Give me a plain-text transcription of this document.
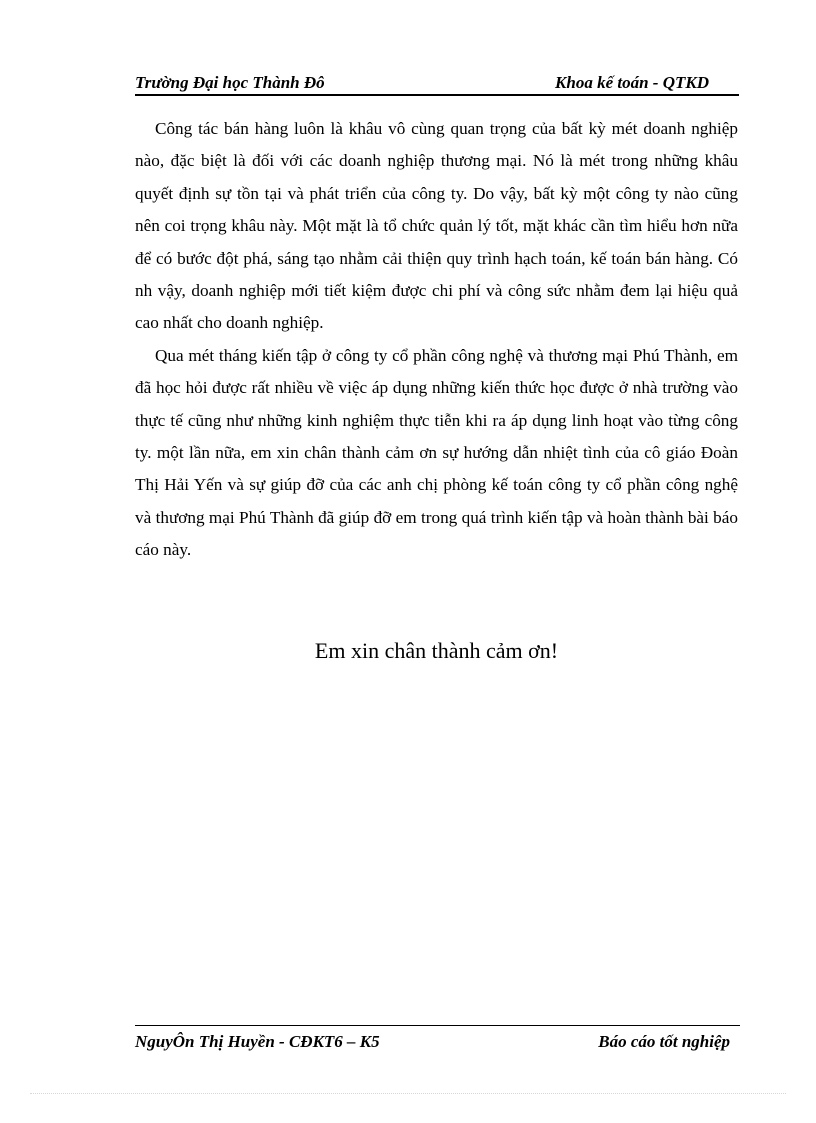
Trường Đại học Thành Đô	Khoa kế toán - QTKD

Công tác bán hàng luôn là khâu vô cùng quan trọng của bất kỳ mét doanh nghiệp nào, đặc biệt là đối với các doanh nghiệp thương mại. Nó là mét trong những khâu quyết định sự tồn tại và phát triển của công ty. Do vậy, bất kỳ một công ty nào cũng nên coi trọng khâu này. Một mặt là tổ chức quản lý tốt, mặt khác cần tìm hiểu hơn nữa để có bước đột phá, sáng tạo nhằm cải thiện quy trình hạch toán, kế toán bán hàng. Có nh vậy, doanh nghiệp mới tiết kiệm được chi phí và công sức nhằm đem lại hiệu quả cao nhất cho doanh nghiệp.

Qua mét tháng kiến tập ở công ty cổ phần công nghệ và thương mại Phú Thành, em đã học hỏi được rất nhiều về việc áp dụng những kiến thức học được ở nhà trường vào thực tế cũng như những kinh nghiệm thực tiễn khi ra áp dụng linh hoạt vào từng công ty. một lần nữa, em xin chân thành cảm ơn sự hướng dẫn nhiệt tình của cô giáo Đoàn Thị Hải Yến và sự giúp đỡ của các anh chị phòng kế toán công ty cổ phần công nghệ và thương mại Phú Thành đã giúp đỡ em trong quá trình kiến tập và hoàn thành bài báo cáo này.

Em xin chân thành cảm ơn!
NguyÔn Thị Huyền - CĐKT6 – K5	Báo cáo tốt nghiệp
